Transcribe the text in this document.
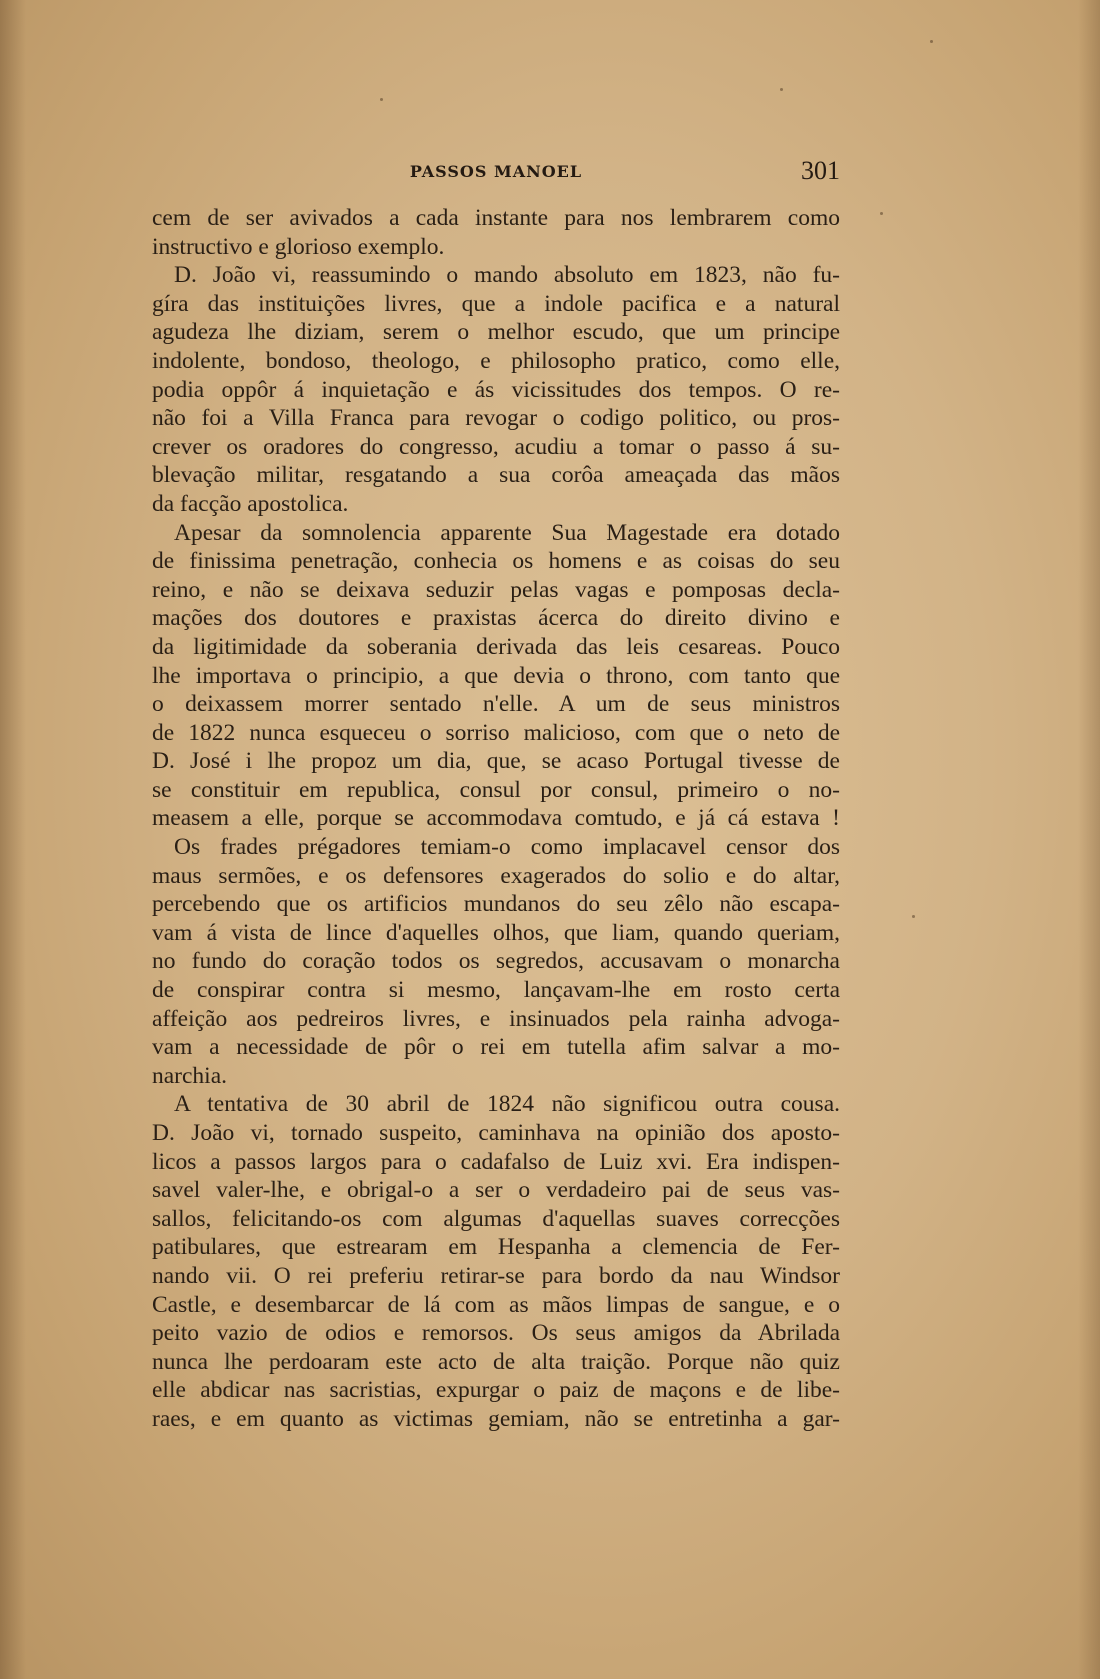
PASSOS MANOEL	301
cem de ser avivados a cada instante para nos lembrarem como
instructivo e glorioso exemplo.
D. João vi, reassumindo o mando absoluto em 1823, não fu-
gíra das instituições livres, que a indole pacifica e a natural
agudeza lhe diziam, serem o melhor escudo, que um principe
indolente, bondoso, theologo, e philosopho pratico, como elle,
podia oppôr á inquietação e ás vicissitudes dos tempos. O re-
não foi a Villa Franca para revogar o codigo politico, ou pros-
crever os oradores do congresso, acudiu a tomar o passo á su-
blevação militar, resgatando a sua corôa ameaçada das mãos
da facção apostolica.
Apesar da somnolencia apparente Sua Magestade era dotado
de finissima penetração, conhecia os homens e as coisas do seu
reino, e não se deixava seduzir pelas vagas e pomposas decla-
mações dos doutores e praxistas ácerca do direito divino e
da ligitimidade da soberania derivada das leis cesareas. Pouco
lhe importava o principio, a que devia o throno, com tanto que
o deixassem morrer sentado n'elle. A um de seus ministros
de 1822 nunca esqueceu o sorriso malicioso, com que o neto de
D. José i lhe propoz um dia, que, se acaso Portugal tivesse de
se constituir em republica, consul por consul, primeiro o no-
measem a elle, porque se accommodava comtudo, e já cá estava !
Os frades prégadores temiam-o como implacavel censor dos
maus sermões, e os defensores exagerados do solio e do altar,
percebendo que os artificios mundanos do seu zêlo não escapa-
vam á vista de lince d'aquelles olhos, que liam, quando queriam,
no fundo do coração todos os segredos, accusavam o monarcha
de conspirar contra si mesmo, lançavam-lhe em rosto certa
affeição aos pedreiros livres, e insinuados pela rainha advoga-
vam a necessidade de pôr o rei em tutella afim salvar a mo-
narchia.
A tentativa de 30 abril de 1824 não significou outra cousa.
D. João vi, tornado suspeito, caminhava na opinião dos aposto-
licos a passos largos para o cadafalso de Luiz xvi. Era indispen-
savel valer-lhe, e obrigal-o a ser o verdadeiro pai de seus vas-
sallos, felicitando-os com algumas d'aquellas suaves correcções
patibulares, que estrearam em Hespanha a clemencia de Fer-
nando vii. O rei preferiu retirar-se para bordo da nau Windsor
Castle, e desembarcar de lá com as mãos limpas de sangue, e o
peito vazio de odios e remorsos. Os seus amigos da Abrilada
nunca lhe perdoaram este acto de alta traição. Porque não quiz
elle abdicar nas sacristias, expurgar o paiz de maçons e de libe-
raes, e em quanto as victimas gemiam, não se entretinha a gar-
